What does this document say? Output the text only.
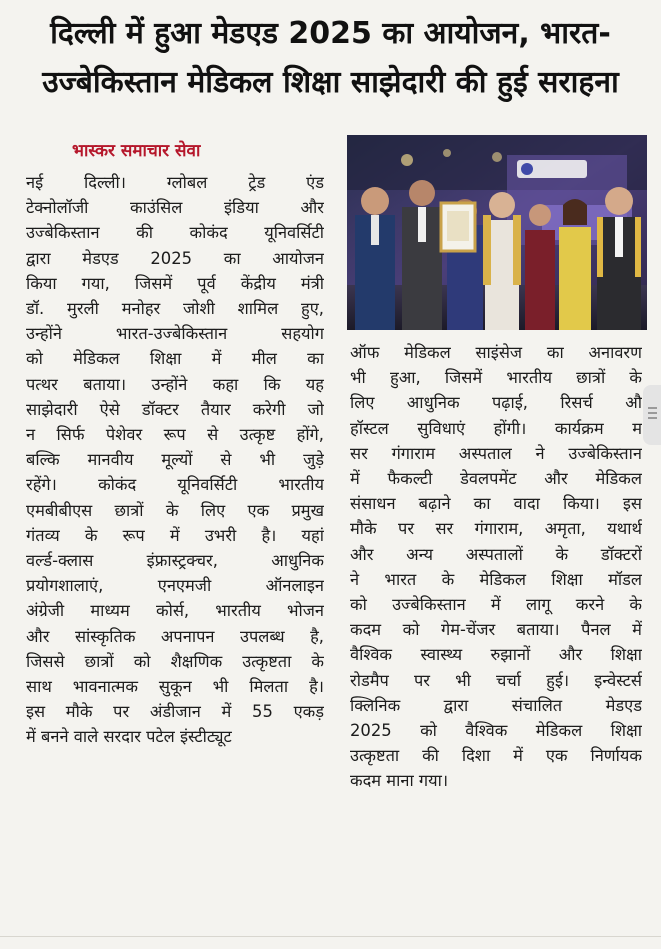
दिल्ली में हुआ मेडएड 2025 का आयोजन, भारत-
उज्बेकिस्तान मेडिकल शिक्षा साझेदारी की हुई सराहना
भास्कर समाचार सेवा

नई दिल्ली। ग्लोबल ट्रेड एंड

टेक्नोलॉजी काउंसिल इंडिया और

उज्बेकिस्तान की कोकंद यूनिवर्सिटी

द्वारा मेडएड 2025 का आयोजन

किया गया, जिसमें पूर्व केंद्रीय मंत्री

डॉ. मुरली मनोहर जोशी शामिल हुए,

उन्होंने भारत-उज्बेकिस्तान सहयोग

को मेडिकल शिक्षा में मील का

पत्थर बताया। उन्होंने कहा कि यह

साझेदारी ऐसे डॉक्टर तैयार करेगी जो

न सिर्फ पेशेवर रूप से उत्कृष्ट होंगे,

बल्कि मानवीय मूल्यों से भी जुड़े

रहेंगे। कोकंद यूनिवर्सिटी भारतीय

एमबीबीएस छात्रों के लिए एक प्रमुख

गंतव्य के रूप में उभरी है। यहां

वर्ल्ड-क्लास इंफ्रास्ट्रक्चर, आधुनिक

प्रयोगशालाएं, एनएमजी ऑनलाइन

अंग्रेजी माध्यम कोर्स, भारतीय भोजन

और सांस्कृतिक अपनापन उपलब्ध है,

जिससे छात्रों को शैक्षणिक उत्कृष्टता के

साथ भावनात्मक सुकून भी मिलता है।

इस मौके पर अंडीजान में 55 एकड़

में बनने वाले सरदार पटेल इंस्टीट्यूट

ऑफ मेडिकल साइंसेज का अनावरण

भी हुआ, जिसमें भारतीय छात्रों के

लिए आधुनिक पढ़ाई, रिसर्च औ

हॉस्टल सुविधाएं होंगी। कार्यक्रम म

सर गंगाराम अस्पताल ने उज्बेकिस्तान

में फैकल्टी डेवलपमेंट और मेडिकल

संसाधन बढ़ाने का वादा किया। इस

मौके पर सर गंगाराम, अमृता, यथार्थ

और अन्य अस्पतालों के डॉक्टरों

ने भारत के मेडिकल शिक्षा मॉडल

को उज्बेकिस्तान में लागू करने के

कदम को गेम-चेंजर बताया। पैनल में

वैश्विक स्वास्थ्य रुझानों और शिक्षा

रोडमैप पर भी चर्चा हुई। इन्वेस्टर्स

क्लिनिक द्वारा संचालित मेडएड

2025 को वैश्विक मेडिकल शिक्षा

उत्कृष्टता की दिशा में एक निर्णायक

कदम माना गया।
